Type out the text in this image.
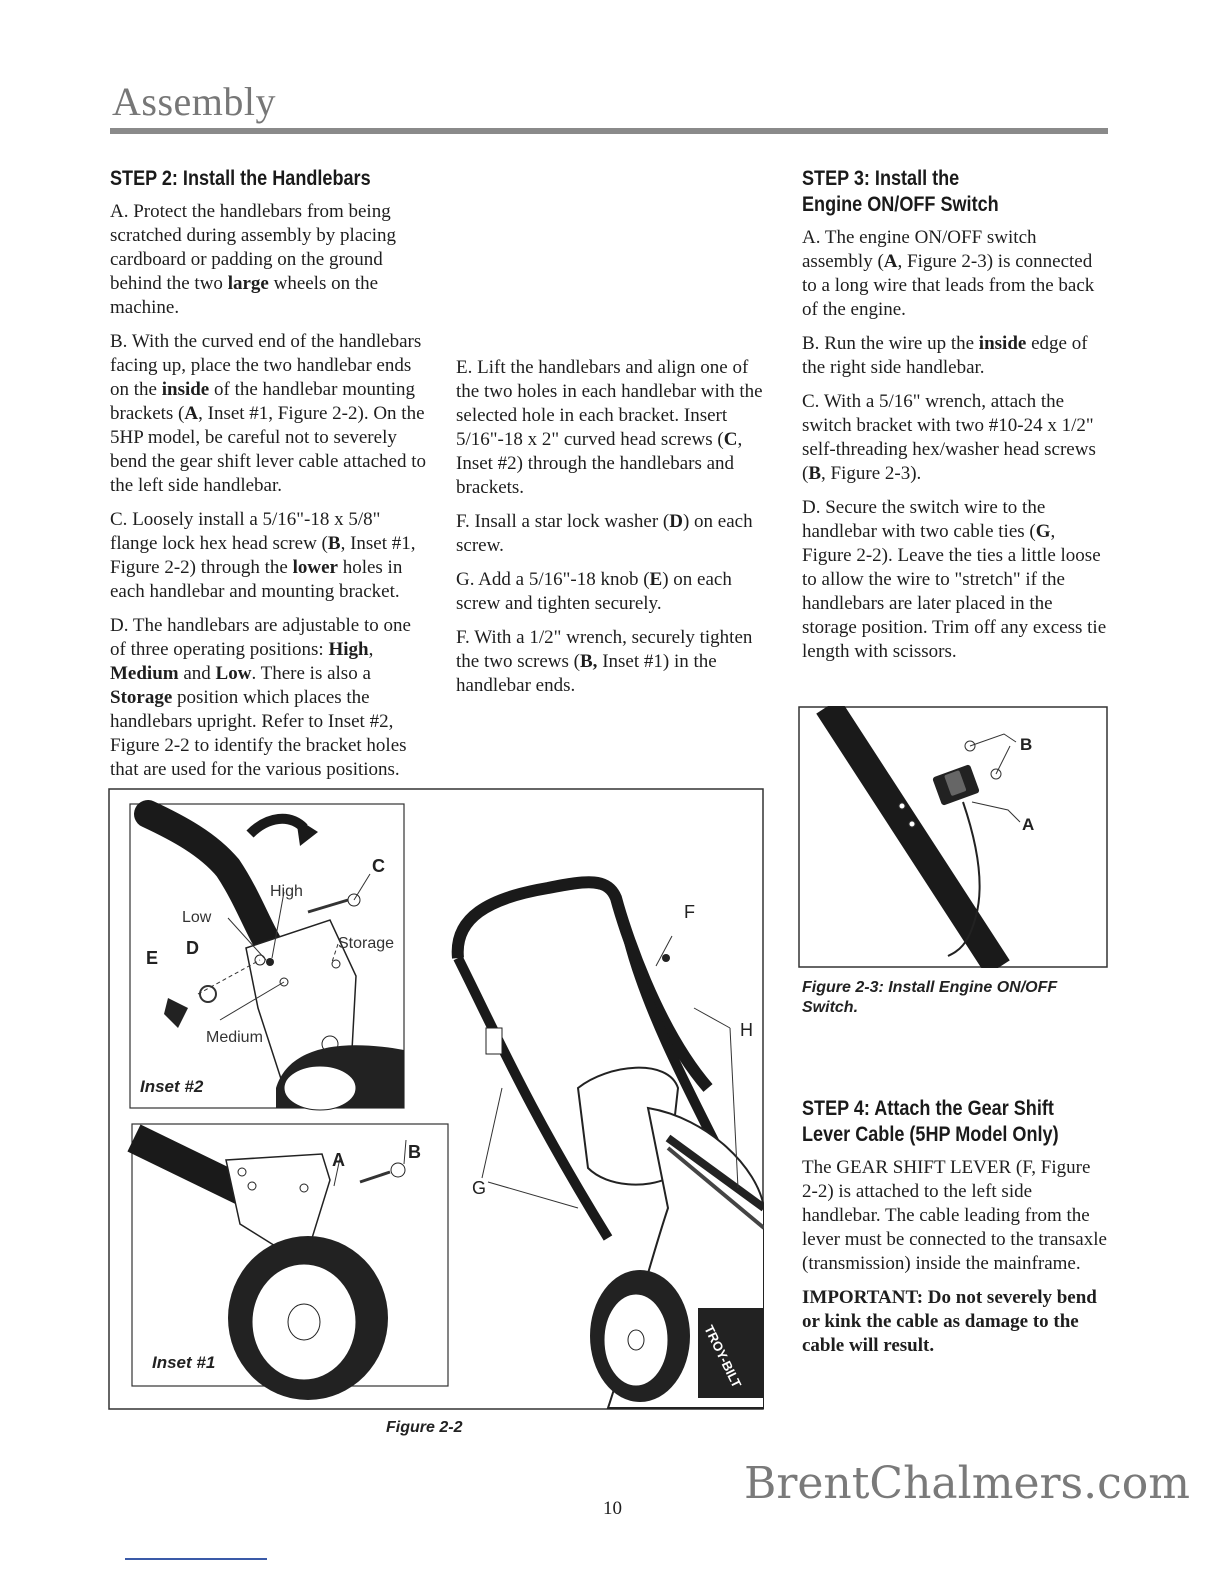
Assembly
STEP 2: Install the Handlebars

A. Protect the handlebars from being scratched during assembly by placing cardboard or padding on the ground behind the two large wheels on the machine.

B. With the curved end of the handlebars facing up, place the two handlebar ends on the inside of the handlebar mounting brackets (A, Inset #1, Figure 2-2). On the 5HP model, be careful not to severely bend the gear shift lever cable attached to the left side handlebar.

C. Loosely install a 5/16"-18 x 5/8" flange lock hex head screw (B, Inset #1, Figure 2-2) through the lower holes in each handlebar and mounting bracket.

D. The handlebars are adjustable to one of three operating positions: High, Medium and Low. There is also a Storage position which places the handlebars upright. Refer to Inset #2, Figure 2-2 to identify the bracket holes that are used for the various positions.

E. Lift the handlebars and align one of the two holes in each handlebar with the selected hole in each bracket. Insert 5/16"-18 x 2" curved head screws (C, Inset #2) through the handlebars and brackets.

F. Insall a star lock washer (D) on each screw.

G. Add a 5/16"-18 knob (E) on each screw and tighten securely.

F. With a 1/2" wrench, securely tighten the two screws (B, Inset #1) in the handlebar ends.

STEP 3: Install the
Engine ON/OFF Switch

A. The engine ON/OFF switch assembly (A, Figure 2-3) is connected to a long wire that leads from the back of the engine.

B. Run the wire up the inside edge of the right side handlebar.

C. With a 5/16" wrench, attach the switch bracket with two #10-24 x 1/2" self-threading hex/washer head screws (B, Figure 2-3).

D. Secure the switch wire to the handlebar with two cable ties (G, Figure 2-2). Leave the ties a little loose to allow the wire to "stretch" if the handlebars are later placed in the storage position. Trim off any excess tie length with scissors.

B
A
Figure 2-3: Install Engine ON/OFF Switch.
STEP 4: Attach the Gear Shift
Lever Cable (5HP Model Only)

The GEAR SHIFT LEVER (F, Figure 2-2) is attached to the left side handlebar. The cable leading from the lever must be connected to the transaxle (transmission) inside the mainframe.

IMPORTANT: Do not severely bend or kink the cable as damage to the cable will result.

High
Low
Storage
Medium
C
D
E
Inset #2
A	B
Inset #1	TROY-BILT
F
H
G
Figure 2-2
10	BrentChalmers.com
